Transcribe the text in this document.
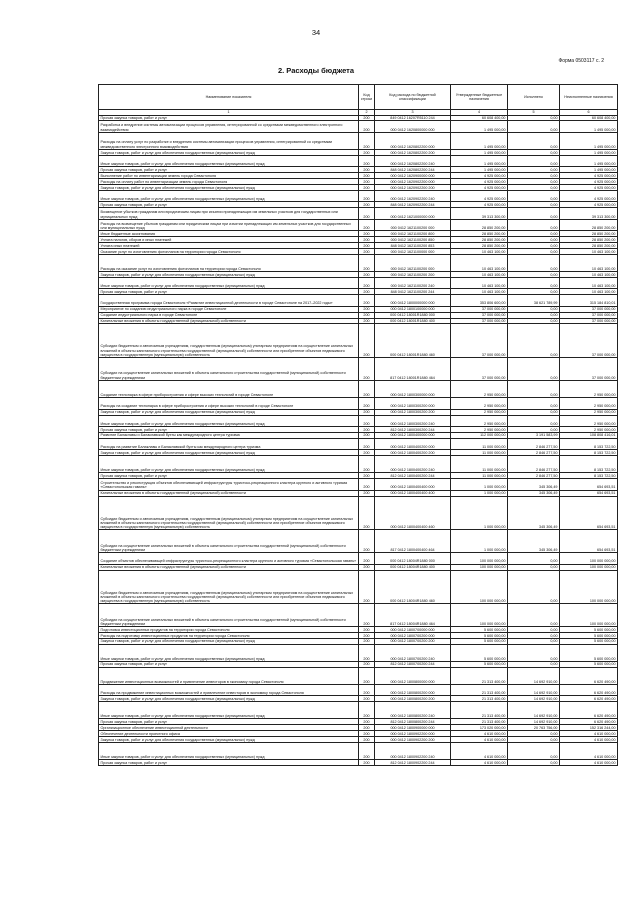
34
Форма 0503117 с. 2
2. Расходы бюджета
Наименование показателя	Код строки	Код расхода по бюджетной классификации	Утвержденные бюджетные назначения	Исполнено	Неисполненные назначения
1	2	3	4	5	6
Прочая закупка товаров, работ и услуг	200	849 0412 16207R5110 244	60 608 400,00	0,00	60 608 400,00
Разработка и внедрение системы автоматизации процессов управления, интегрированной со средствами межведомственного электронного взаимодействия	200	000 0412 1620800000 000	1 495 000,00	0,00	1 495 000,00
Расходы на оплату услуг по разработке и внедрению системы автоматизации процессов управления, интегрированной со средствами межведомственного электронного взаимодействия	200	000 0412 1620802200 000	1 495 000,00	0,00	1 495 000,00
Закупка товаров, работ и услуг для обеспечения государственных (муниципальных) нужд	200	000 0412 1620802200 200	1 495 000,00	0,00	1 495 000,00
Иные закупки товаров, работ и услуг для обеспечения государственных (муниципальных) нужд	200	000 0412 1620802200 240	1 495 000,00	0,00	1 495 000,00
Прочая закупка товаров, работ и услуг	200	848 0412 1620802200 244	1 495 000,00	0,00	1 495 000,00
Выполнение работ по инвентаризации земель города Севастополя	200	000 0412 1620900000 000	4 925 000,00	0,00	4 925 000,00
Расходы на оплату работ по инвентаризации земель города Севастополя	200	000 0412 1620902200 000	4 925 000,00	0,00	4 925 000,00
Закупка товаров, работ и услуг для обеспечения государственных (муниципальных) нужд	200	000 0412 1620902200 200	4 925 000,00	0,00	4 925 000,00
Иные закупки товаров, работ и услуг для обеспечения государственных (муниципальных) нужд	200	000 0412 1620902200 240	4 925 000,00	0,00	4 925 000,00
Прочая закупка товаров, работ и услуг	200	848 0412 1620902200 244	4 925 000,00	0,00	4 925 000,00
Возмещение убытков гражданам или юридическим лицам при изъятии принадлежащих им земельных участков для государственных или муниципальных нужд	200	000 0412 1621000000 000	39 313 300,00	0,00	39 313 300,00
Расходы на возмещение убытков гражданам или юридическим лицам при изъятии принадлежащих им земельных участков для государственных или муниципальных нужд	200	000 0412 1621100200 000	28 850 200,00	0,00	28 850 200,00
Иные бюджетные ассигнования	200	000 0412 1621100200 800	28 850 200,00	0,00	28 850 200,00
Уплата налогов, сборов и иных платежей	200	000 0412 1621100200 850	28 850 200,00	0,00	28 850 200,00
Уплата иных платежей	200	848 0412 1621100200 853	28 850 200,00	0,00	28 850 200,00
Оказание услуг по изготовлению фотопланов на территории города Севастополя	200	000 0412 1621100000 000	10 463 100,00	0,00	10 463 100,00
Расходы на оказание услуг по изготовлению фотопланов на территории города Севастополя	200	000 0412 1621100200 000	10 463 100,00	0,00	10 463 100,00
Закупка товаров, работ и услуг для обеспечения государственных (муниципальных) нужд	200	000 0412 1621100200 200	10 463 100,00	0,00	10 463 100,00
Иные закупки товаров, работ и услуг для обеспечения государственных (муниципальных) нужд	200	000 0412 1621100200 240	10 463 100,00	0,00	10 463 100,00
Прочая закупка товаров, работ и услуг	200	848 0412 1621100200 244	10 463 100,00	0,00	10 463 100,00
Государственная программа города Севастополя «Развитие инвестиционной деятельности в городе Севастополе на 2017–2022 годы»	200	000 0412 1800000000 000	353 806 600,00	38 621 789,99	315 184 810,01
Мероприятие по созданию индустриального парка в городе Севастополе	200	000 0412 1800100000 000	37 000 000,00	0,00	37 000 000,00
Создание индустриального парка в городе Севастополе	200	000 0412 18001R1880 000	37 000 000,00	0,00	37 000 000,00
Капитальные вложения в объекты государственной (муниципальной) собственности	200	000 0412 18001R1880 400	37 000 000,00	0,00	37 000 000,00
Субсидии бюджетным и автономным учреждениям, государственным (муниципальным) унитарным предприятиям на осуществление капитальных вложений в объекты капитального строительства государственной (муниципальной) собственности или приобретение объектов недвижимого имущества в государственную (муниципальную) собственность	200	000 0412 18001R1880 460	37 000 000,00	0,00	37 000 000,00
Субсидии на осуществление капитальных вложений в объекты капитального строительства государственной (муниципальной) собственности бюджетным учреждениям	200	817 0412 18001R1880 464	37 000 000,00	0,00	37 000 000,00
Создание технопарка в сфере приборостроения и сфере высоких технологий в городе Севастополе	200	000 0412 1800300000 000	2 950 000,00	0,00	2 950 000,00
Расходы на создание технопарка в сфере приборостроения и сфере высоких технологий в городе Севастополе	200	000 0412 1800300200 000	2 950 000,00	0,00	2 950 000,00
Закупка товаров, работ и услуг для обеспечения государственных (муниципальных) нужд	200	000 0412 1800300200 200	2 950 000,00	0,00	2 950 000,00
Иные закупки товаров, работ и услуг для обеспечения государственных (муниципальных) нужд	200	000 0412 1800300200 240	2 950 000,00	0,00	2 950 000,00
Прочая закупка товаров, работ и услуг	200	812 0412 1800300200 244	2 950 000,00	0,00	2 950 000,00
Развитие Балаклавы и Балаклавской бухты как международного центра туризма	200	000 0412 1800400000 000	112 000 000,00	3 191 583,99	108 808 416,01
Расходы на развитие Балаклавы и Балаклавской бухты как международного центра туризма	200	000 0412 1800400200 000	11 000 000,00	2 846 277,50	8 153 722,50
Закупка товаров, работ и услуг для обеспечения государственных (муниципальных) нужд	200	000 0412 1800400200 200	11 000 000,00	2 846 277,50	8 153 722,50
Иные закупки товаров, работ и услуг для обеспечения государственных (муниципальных) нужд	200	000 0412 1800400200 240	11 000 000,00	2 846 277,50	8 153 722,50
Прочая закупка товаров, работ и услуг	200	812 0412 1800400200 244	11 000 000,00	2 846 277,50	8 153 722,50
Строительство и реконструкция объектов обеспечивающей инфраструктуры туристско-рекреационного кластера крупного и активного туризма «Севастопольская гавань»	200	000 0412 1800400400 000	1 000 000,00	345 306,49	654 693,51
Капитальные вложения в объекты государственной (муниципальной) собственности	200	000 0412 1800400400 400	1 000 000,00	345 306,49	654 693,51
Субсидии бюджетным и автономным учреждениям, государственным (муниципальным) унитарным предприятиям на осуществление капитальных вложений в объекты капитального строительства государственной (муниципальной) собственности или приобретение объектов недвижимого имущества в государственную (муниципальную) собственность	200	000 0412 1800400400 460	1 000 000,00	345 306,49	654 693,51
Субсидии на осуществление капитальных вложений в объекты капитального строительства государственной (муниципальной) собственности бюджетным учреждениям	200	817 0412 1800400400 464	1 000 000,00	345 306,49	654 693,51
Создание объектов обеспечивающей инфраструктуры туристско-рекреационного кластера крупного и активного туризма «Севастопольская гавань»	200	000 0412 18004R1880 000	100 000 000,00	0,00	100 000 000,00
Капитальные вложения в объекты государственной (муниципальной) собственности	200	000 0412 18004R1880 400	100 000 000,00	0,00	100 000 000,00
Субсидии бюджетным и автономным учреждениям, государственным (муниципальным) унитарным предприятиям на осуществление капитальных вложений в объекты капитального строительства государственной (муниципальной) собственности или приобретение объектов недвижимого имущества в государственную (муниципальную) собственность	200	000 0412 18004R1880 460	100 000 000,00	0,00	100 000 000,00
Субсидии на осуществление капитальных вложений в объекты капитального строительства государственной (муниципальной) собственности бюджетным учреждениям	200	817 0412 18004R1880 464	100 000 000,00	0,00	100 000 000,00
Подготовка инвестиционных продуктов на территории города Севастополя	200	000 0412 1800700000 000	5 600 000,00	0,00	5 600 000,00
Расходы на подготовку инвестиционных продуктов на территории города Севастополя	200	000 0412 1800700200 000	5 600 000,00	0,00	5 600 000,00
Закупка товаров, работ и услуг для обеспечения государственных (муниципальных) нужд	200	000 0412 1800700200 200	5 600 000,00	0,00	5 600 000,00
Иные закупки товаров, работ и услуг для обеспечения государственных (муниципальных) нужд	200	000 0412 1800700200 240	5 600 000,00	0,00	5 600 000,00
Прочая закупка товаров, работ и услуг	200	812 0412 1800700200 244	5 600 000,00	0,00	5 600 000,00
Продвижение инвестиционных возможностей и привлечение инвесторов в экономику города Севастополя	200	000 0412 1800800000 000	21 313 400,00	14 692 910,00	6 620 490,00
Расходы на продвижение инвестиционных возможностей и привлечение инвесторов в экономику города Севастополя	200	000 0412 1800800200 000	21 313 400,00	14 692 910,00	6 620 490,00
Закупка товаров, работ и услуг для обеспечения государственных (муниципальных) нужд	200	000 0412 1800800200 200	21 313 400,00	14 692 910,00	6 620 490,00
Иные закупки товаров, работ и услуг для обеспечения государственных (муниципальных) нужд	200	000 0412 1800800200 240	21 313 400,00	14 692 910,00	6 620 490,00
Прочая закупка товаров, работ и услуг	200	812 0412 1800800200 244	21 313 400,00	14 692 910,00	6 620 490,00
Организационное обеспечение инвестиционной деятельности	200	000 0412 1800900000 000	173 020 000,00	20 763 756,00	152 316 244,00
Обеспечение деятельности проектного офиса	200	000 0412 1800902200 000	4 610 000,00	0,00	4 610 000,00
Закупка товаров, работ и услуг для обеспечения государственных (муниципальных) нужд	200	000 0412 1800902200 200	4 610 000,00	0,00	4 610 000,00
Иные закупки товаров, работ и услуг для обеспечения государственных (муниципальных) нужд	200	000 0412 1800902200 240	4 610 000,00	0,00	4 610 000,00
Прочая закупка товаров, работ и услуг	200	812 0412 1800902200 244	4 610 000,00	0,00	4 610 000,00
